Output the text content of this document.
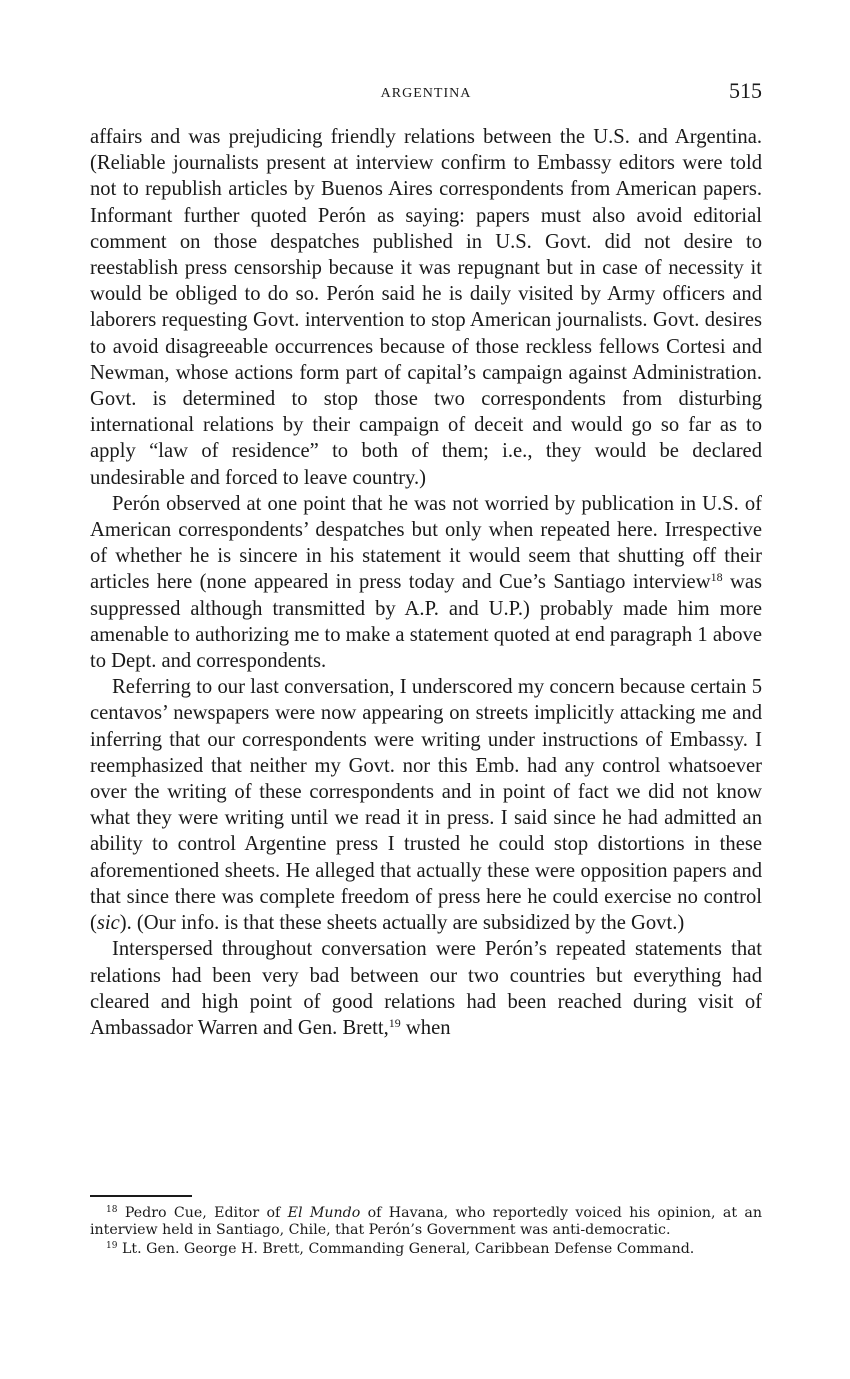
ARGENTINA	515

affairs and was prejudicing friendly relations between the U.S. and Argentina. (Reliable journalists present at interview confirm to Embassy editors were told not to republish articles by Buenos Aires correspondents from American papers. Informant further quoted Perón as saying: papers must also avoid editorial comment on those despatches published in U.S. Govt. did not desire to reestablish press censorship because it was repugnant but in case of necessity it would be obliged to do so. Perón said he is daily visited by Army officers and laborers requesting Govt. intervention to stop American journalists. Govt. desires to avoid disagreeable occurrences because of those reckless fellows Cortesi and Newman, whose actions form part of capital’s campaign against Administration. Govt. is determined to stop those two correspondents from disturbing international relations by their campaign of deceit and would go so far as to apply “law of residence” to both of them; i.e., they would be declared undesirable and forced to leave country.)

Perón observed at one point that he was not worried by publication in U.S. of American correspondents’ despatches but only when repeated here. Irrespective of whether he is sincere in his statement it would seem that shutting off their articles here (none appeared in press today and Cue’s Santiago interview$^{18}$ was suppressed although transmitted by A.P. and U.P.) probably made him more amenable to authorizing me to make a statement quoted at end paragraph 1 above to Dept. and correspondents.

Referring to our last conversation, I underscored my concern because certain 5 centavos’ newspapers were now appearing on streets implicitly attacking me and inferring that our correspondents were writing under instructions of Embassy. I reemphasized that neither my Govt. nor this Emb. had any control whatsoever over the writing of these correspondents and in point of fact we did not know what they were writing until we read it in press. I said since he had admitted an ability to control Argentine press I trusted he could stop distortions in these aforementioned sheets. He alleged that actually these were opposition papers and that since there was complete freedom of press here he could exercise no control (sic). (Our info. is that these sheets actually are subsidized by the Govt.)

Interspersed throughout conversation were Perón’s repeated statements that relations had been very bad between our two countries but everything had cleared and high point of good relations had been reached during visit of Ambassador Warren and Gen. Brett,$^{19}$ when

$^{18}$ Pedro Cue, Editor of El Mundo of Havana, who reportedly voiced his opinion, at an interview held in Santiago, Chile, that Perón’s Government was anti-democratic.

$^{19}$ Lt. Gen. George H. Brett, Commanding General, Caribbean Defense Command.
